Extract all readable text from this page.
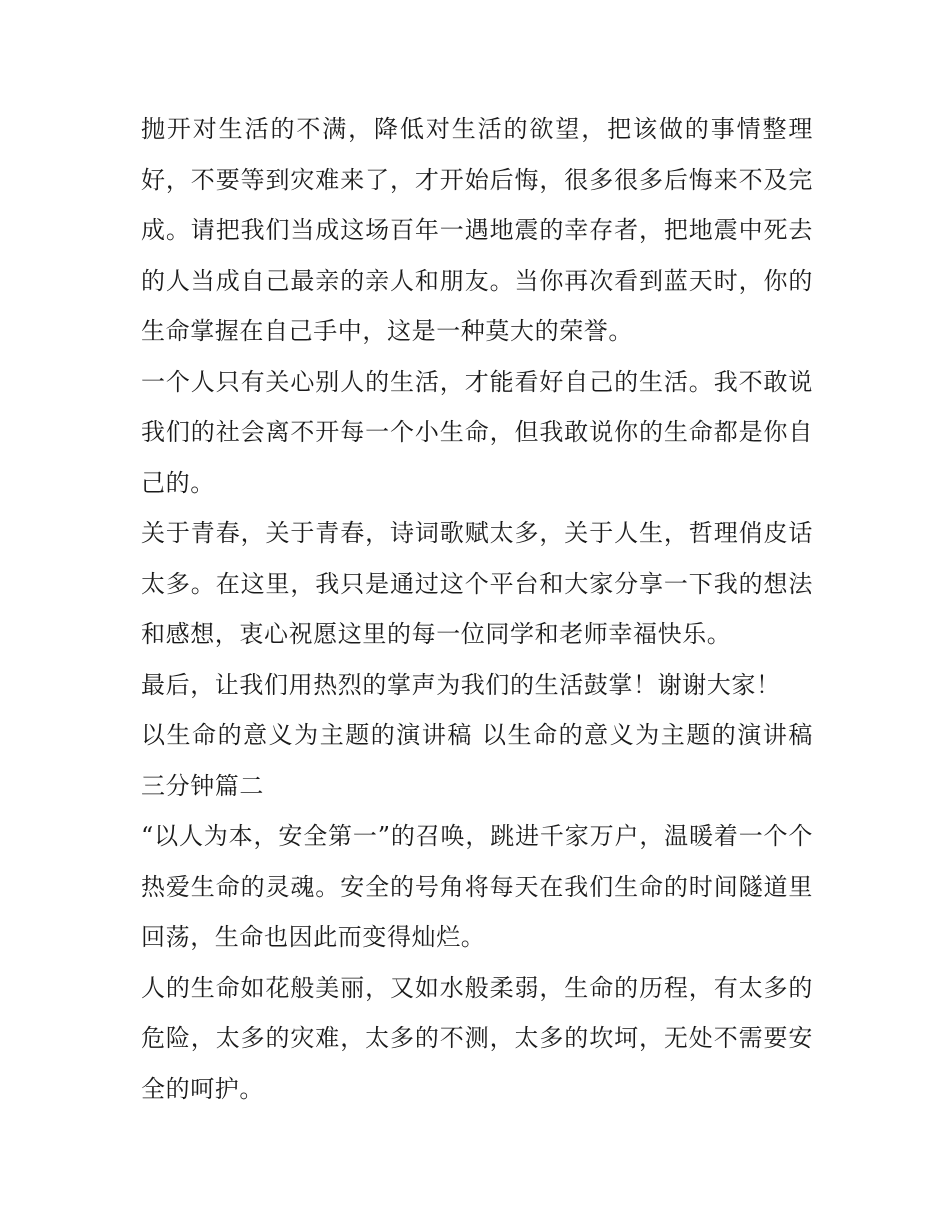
抛开对生活的不满，降低对生活的欲望，把该做的事情整理好，不要等到灾难来了，才开始后悔，很多很多后悔来不及完成。请把我们当成这场百年一遇地震的幸存者，把地震中死去的人当成自己最亲的亲人和朋友。当你再次看到蓝天时，你的生命掌握在自己手中，这是一种莫大的荣誉。

一个人只有关心别人的生活，才能看好自己的生活。我不敢说我们的社会离不开每一个小生命，但我敢说你的生命都是你自己的。

关于青春，关于青春，诗词歌赋太多，关于人生，哲理俏皮话太多。在这里，我只是通过这个平台和大家分享一下我的想法和感想，衷心祝愿这里的每一位同学和老师幸福快乐。

最后，让我们用热烈的掌声为我们的生活鼓掌！谢谢大家！

以生命的意义为主题的演讲稿 以生命的意义为主题的演讲稿三分钟篇二

“以人为本，安全第一”的召唤，跳进千家万户，温暖着一个个热爱生命的灵魂。安全的号角将每天在我们生命的时间隧道里回荡，生命也因此而变得灿烂。

人的生命如花般美丽，又如水般柔弱，生命的历程，有太多的危险，太多的灾难，太多的不测，太多的坎坷，无处不需要安全的呵护。
